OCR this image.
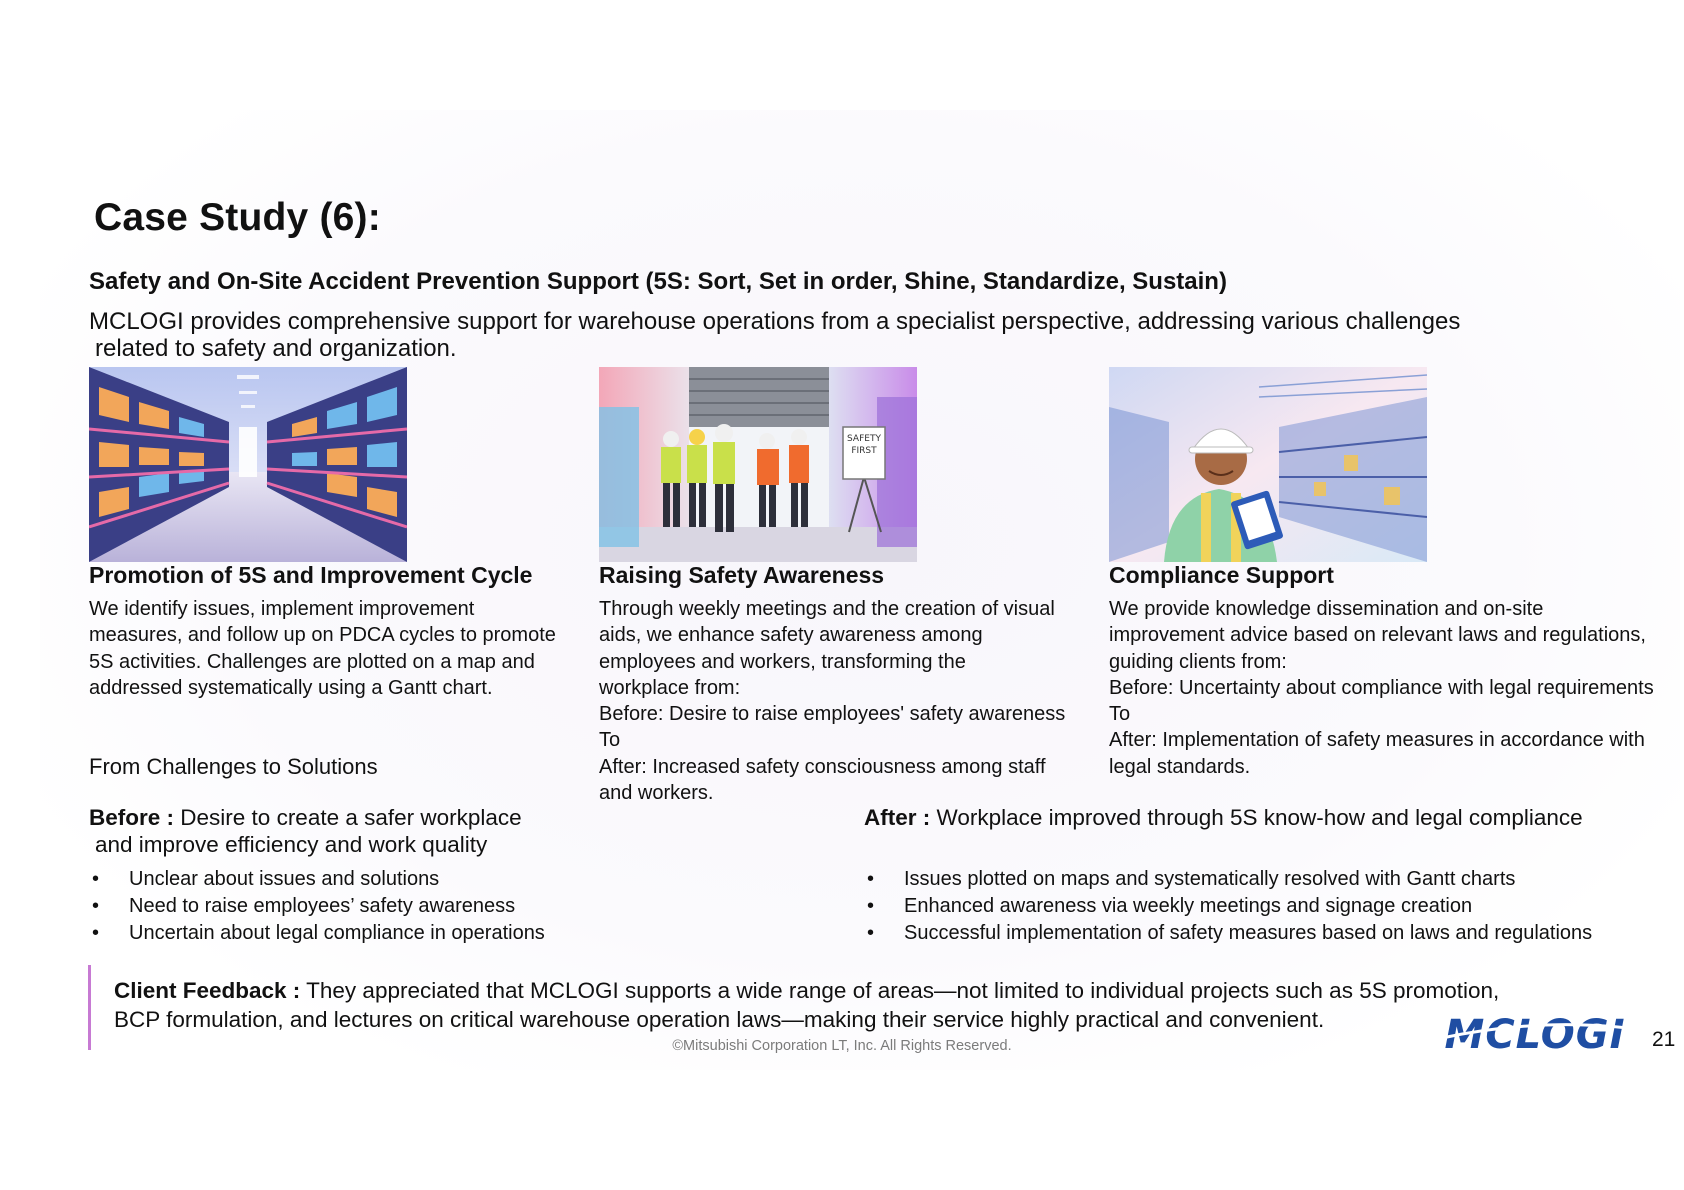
Case Study (6):
Safety and On-Site Accident Prevention Support (5S: Sort, Set in order, Shine, Standardize, Sustain)
MCLOGI provides comprehensive support for warehouse operations from a specialist perspective, addressing various challenges
related to safety and organization.
SAFETY
FIRST
Promotion of 5S and Improvement Cycle	Raising Safety Awareness	Compliance Support

We identify issues, implement improvement

measures, and follow up on PDCA cycles to promote

5S activities. Challenges are plotted on a map and

addressed systematically using a Gantt chart.

Through weekly meetings and the creation of visual

aids, we enhance safety awareness among

employees and workers, transforming the

workplace from:

Before: Desire to raise employees' safety awareness

To

After: Increased safety consciousness among staff

and workers.

We provide knowledge dissemination and on-site

improvement advice based on relevant laws and regulations,

guiding clients from:

Before: Uncertainty about compliance with legal requirements

To

After: Implementation of safety measures in accordance with

legal standards.

From Challenges to Solutions
Before : Desire to create a safer workplace
and improve efficiency and work quality
After : Workplace improved through 5S know-how and legal compliance
• Unclear about issues and solutions
• Need to raise employees’ safety awareness
• Uncertain about legal compliance in operations
• Issues plotted on maps and systematically resolved with Gantt charts
• Enhanced awareness via weekly meetings and signage creation
• Successful implementation of safety measures based on laws and regulations
Client Feedback : They appreciated that MCLOGI supports a wide range of areas—not limited to individual projects such as 5S promotion,
BCP formulation, and lectures on critical warehouse operation laws—making their service highly practical and convenient.
©Mitsubishi Corporation LT, Inc. All Rights Reserved.	MCLOGI 21
